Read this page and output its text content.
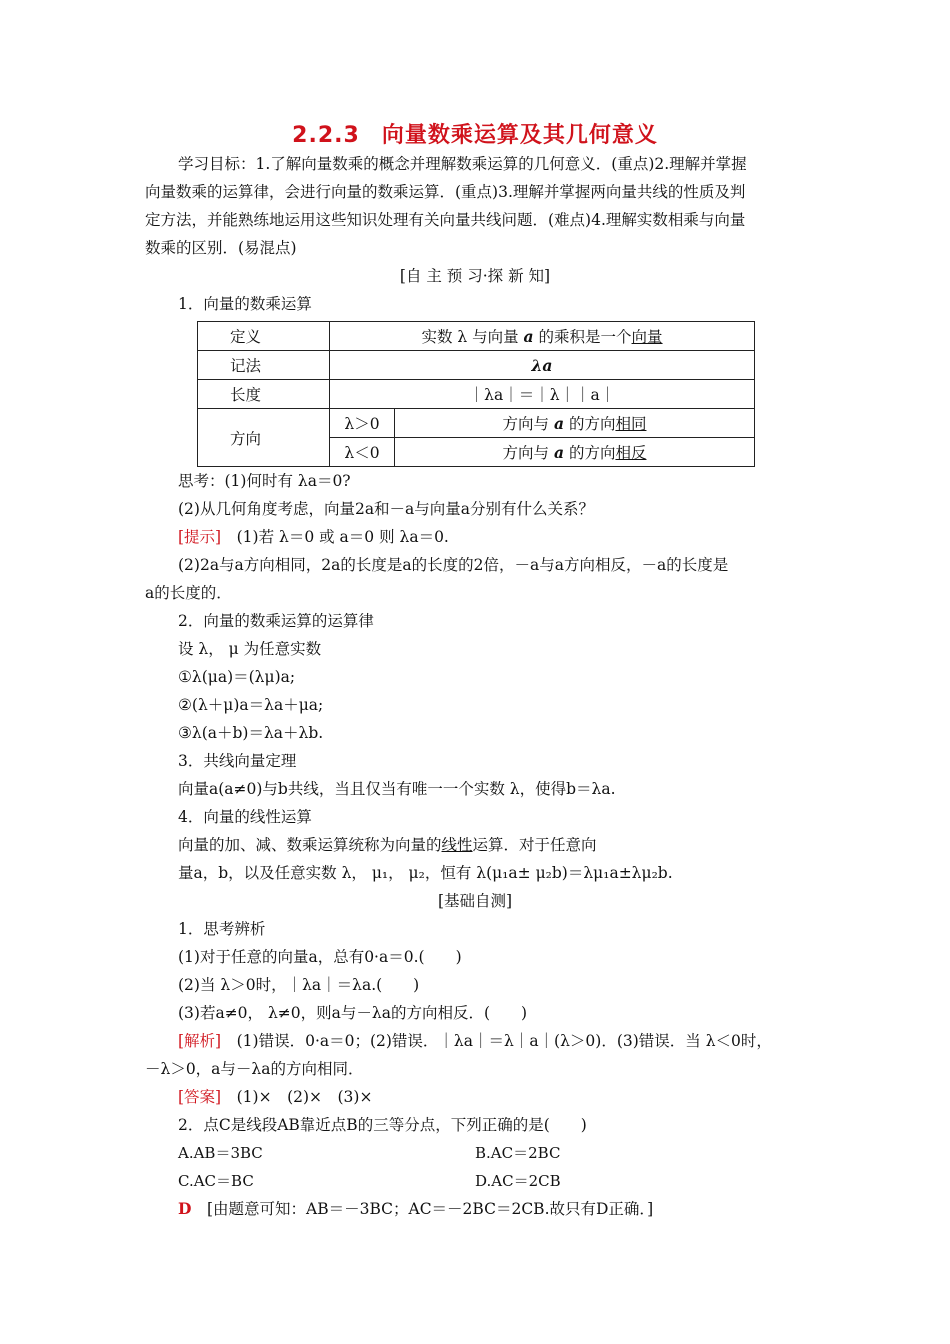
2.2.3 向量数乘运算及其几何意义
学习目标：1.了解向量数乘的概念并理解数乘运算的几何意义．(重点)2.理解并掌握
向量数乘的运算律，会进行向量的数乘运算．(重点)3.理解并掌握两向量共线的性质及判
定方法，并能熟练地运用这些知识处理有关向量共线问题．(难点)4.理解实数相乘与向量
数乘的区别．(易混点)
[自 主 预 习·探 新 知]
1．向量的数乘运算
定义	实数 λ 与向量 a 的乘积是一个向量	
记法	λa	
长度	｜λa｜＝｜λ｜｜a｜	
方向	λ＞0	方向与 a 的方向相同
	λ＜0	方向与 a 的方向相反
思考：(1)何时有 λa＝0?
(2)从几何角度考虑，向量2a和－a与向量a分别有什么关系？
[提示]　 (1)若 λ＝0 或 a＝0 则 λa＝0.
(2)2a与a方向相同，2a的长度是a的长度的2倍，－a与a方向相反，－a的长度是
a的长度的．
2．向量的数乘运算的运算律
设 λ， μ 为任意实数
①λ(μa)＝(λμ)a;
②(λ＋μ)a＝λa＋μa;
③λ(a＋b)＝λa＋λb.
3．共线向量定理
向量a(a≠0)与b共线，当且仅当有唯一一个实数 λ，使得b＝λa.
4．向量的线性运算
向量的加、减、数乘运算统称为向量的线性运算．对于任意向
量a，b，以及任意实数 λ， μ₁， μ₂，恒有 λ(μ₁a± μ₂b)＝λμ₁a±λμ₂b.
[基础自测]
1．思考辨析
(1)对于任意的向量a，总有0·a＝0.(　　)
(2)当 λ＞0时，｜λa｜＝λa.(　　)
(3)若a≠0， λ≠0，则a与－λa的方向相反．(　　)
[解析]　 (1)错误．0·a＝0；(2)错误．｜λa｜＝λ｜a｜(λ＞0)．(3)错误．当 λ＜0时，
－λ＞0，a与－λa的方向相同．
[答案]　 (1)×　(2)×　(3)×
2．点C是线段AB靠近点B的三等分点，下列正确的是(　　)
A.AB＝3BC	B.AC＝2BC
C.AC＝BC	D.AC＝2CB
D　 [由题意可知：AB＝－3BC；AC＝－2BC＝2CB.故只有D正确．]
